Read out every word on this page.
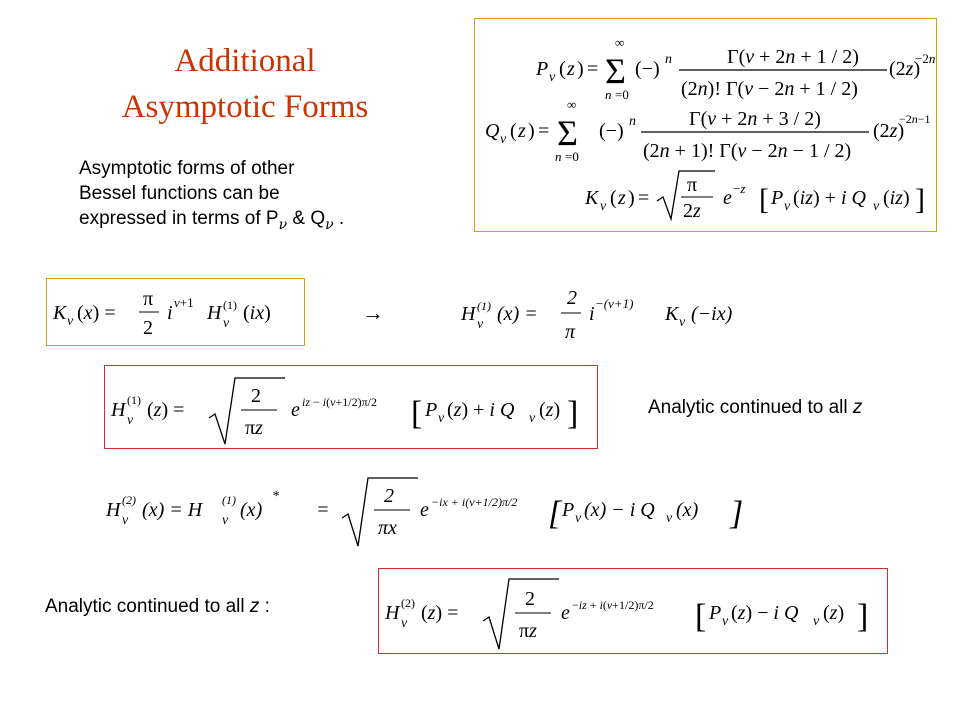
Additional
Asymptotic Forms
Asymptotic forms of other
Bessel functions can be
expressed in terms of $P_\nu$ & $Q_\nu$ .
P ν ( z ) = Σ
∞
n =0
(−) n	Γ(ν + 2n + 1 / 2)
(2n)! Γ(ν − 2n + 1 / 2)
(2z)
−2n
Q ν ( z ) = Σ
∞
n =0
(−) n	Γ(ν + 2n + 3 / 2)
(2n + 1)! Γ(ν − 2n − 1 / 2)
(2z)
−2n−1
K ν ( z ) =
π
2z
e −z [ P ν (iz) + i Q ν (iz) ]
K ν (x) =
π
2
i ν+1 H (1)
ν (ix)	→	H (1)
ν (x) =
2
π
i −(ν+1) K ν (−ix)
H (1)
ν (z) =
2
πz
e iz − i(ν+1/2)π/2 [ P ν (z) + i Q ν (z) ]	Analytic continued to all z
H (2)
ν (x) = H (1)
ν (x)
*
=
2
πx
e −ix + i(ν+1/2)π/2 [ P ν (x) − i Q ν (x) ]
Analytic continued to all z :	H (2)
ν (z) =
2
πz
e −iz + i(ν+1/2)π/2 [ P ν (z) − i Q ν (z) ]
